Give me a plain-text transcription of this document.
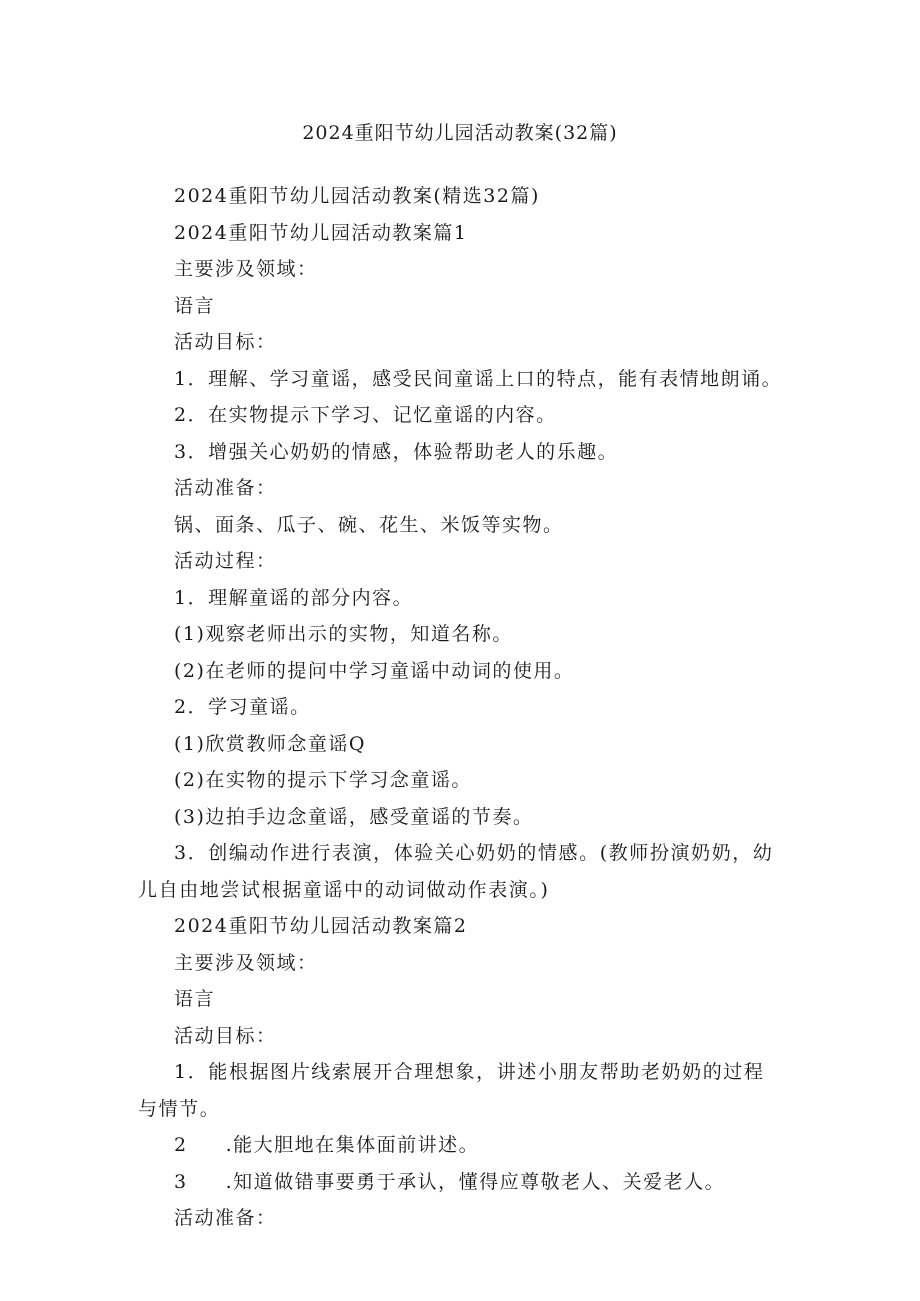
2024重阳节幼儿园活动教案(32篇)
2024重阳节幼儿园活动教案(精选32篇)
2024重阳节幼儿园活动教案篇1
主要涉及领域：
语言
活动目标：
1．理解、学习童谣，感受民间童谣上口的特点，能有表情地朗诵。
2．在实物提示下学习、记忆童谣的内容。
3．增强关心奶奶的情感，体验帮助老人的乐趣。
活动准备：
锅、面条、瓜子、碗、花生、米饭等实物。
活动过程：
1．理解童谣的部分内容。
(1)观察老师出示的实物，知道名称。
(2)在老师的提问中学习童谣中动词的使用。
2．学习童谣。
(1)欣赏教师念童谣Q
(2)在实物的提示下学习念童谣。
(3)边拍手边念童谣，感受童谣的节奏。
3．创编动作进行表演，体验关心奶奶的情感。(教师扮演奶奶，幼儿自由地尝试根据童谣中的动词做动作表演。)
2024重阳节幼儿园活动教案篇2
主要涉及领域：
语言
活动目标：
1．能根据图片线索展开合理想象，讲述小朋友帮助老奶奶的过程与情节。
2 .能大胆地在集体面前讲述。
3 .知道做错事要勇于承认，懂得应尊敬老人、关爱老人。
活动准备：
